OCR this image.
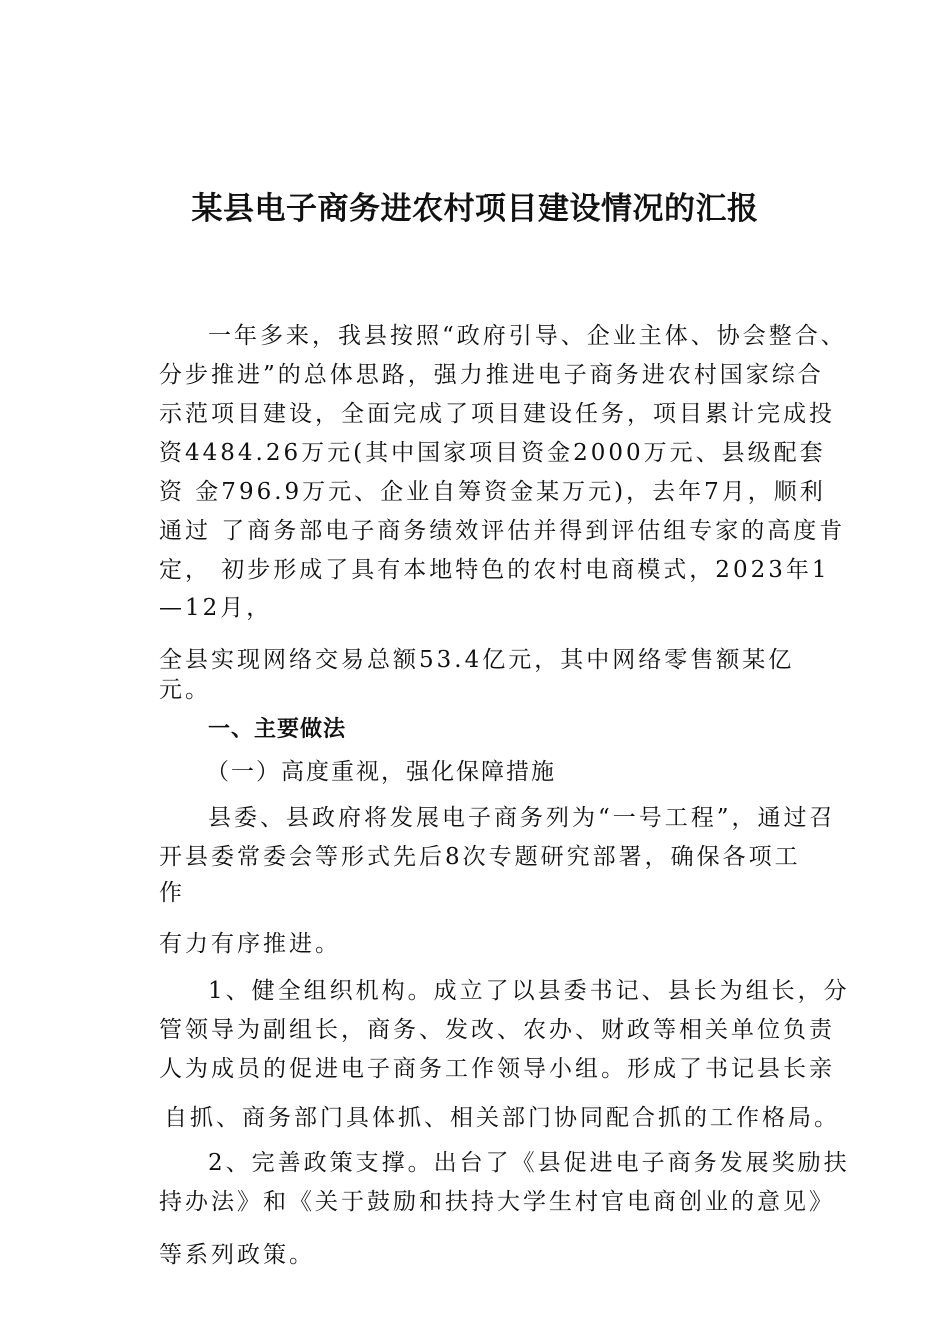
某县电子商务进农村项目建设情况的汇报
一年多来，我县按照“政府引导、企业主体、协会整合、
分步推进”的总体思路，强力推进电子商务进农村国家综合
示范项目建设，全面完成了项目建设任务，项目累计完成投
资4484.26万元(其中国家项目资金2000万元、县级配套
资 金796.9万元、企业自筹资金某万元)，去年7月，顺利
通过 了商务部电子商务绩效评估并得到评估组专家的高度肯
定， 初步形成了具有本地特色的农村电商模式，2023年1
—12月，
全县实现网络交易总额53.4亿元，其中网络零售额某亿
元。
一、主要做法
（一）高度重视，强化保障措施
县委、县政府将发展电子商务列为“一号工程”，通过召
开县委常委会等形式先后8次专题研究部署，确保各项工
作
有力有序推进。
1、健全组织机构。成立了以县委书记、县长为组长，分
管领导为副组长，商务、发改、农办、财政等相关单位负责
人为成员的促进电子商务工作领导小组。形成了书记县长亲
自抓、商务部门具体抓、相关部门协同配合抓的工作格局。
2、完善政策支撑。出台了《县促进电子商务发展奖励扶
持办法》和《关于鼓励和扶持大学生村官电商创业的意见》
等系列政策。
